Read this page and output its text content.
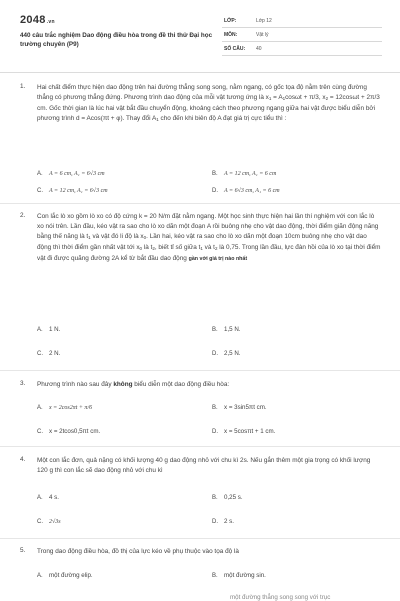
2048.vn
440 câu trắc nghiệm Dao động điều hòa trong đề thi thử Đại học trường chuyên (P9)
LỚP:	Lớp 12
MÔN:	Vật lý
SỐ CÂU: 40
1. Hai chất điểm thực hiện dao động trên hai đường thẳng song song, nằm ngang, có gốc tọa độ nằm trên cùng đường thẳng có phương thẳng đứng. Phương trình dao động của mỗi vật tương ứng là $x_1 = A_1\cos\omega t + \pi/3$, $x_2 = 12\cos\omega t + 2\pi/3$ cm. Gốc thời gian là lúc hai vật bắt đầu chuyển động, khoảng cách theo phương ngang giữa hai vật được biểu diễn bởi phương trình d = Acos(πt + φ). Thay đổi $A_1$ cho đến khi biên độ A đạt giá trị cực tiểu thì :
A. A = 6 cm, A₁ = 6√3 cm	B. A = 12 cm, A₁ = 6 cm
C. A = 12 cm, A₁ = 6√3 cm	D. A = 6√3 cm, A₁ = 6 cm
2. Con lắc lò xo gồm lò xo có độ cứng k = 20 N/m đặt nằm ngang. Một học sinh thực hiện hai lần thí nghiệm với con lắc lò xo nói trên. Lần đầu, kéo vật ra sao cho lò xo dãn một đoạn A rồi buông nhẹ cho vật dao động, thời điểm giãn động năng bằng thế năng là $t_1$ và vật đó li độ là $x_0$. Lần hai, kéo vật ra sao cho lò xo dãn một đoạn 10cm buông nhẹ cho vật dao động thì thời điểm gần nhất vật tới $x_0$ là $t_2$, biết tỉ số giữa $t_1$ và $t_2$ là 0,75. Trong lần đầu, lực đàn hồi của lò xo tại thời điểm vật đi được quãng đường 2A kể từ bắt đầu dao động gần với giá trị nào nhất
A. 1 N.	B. 1,5 N.
C. 2 N.	D. 2,5 N.
3. Phương trình nào sau đây không biểu diễn một dao động điều hòa:
A. x = 2cos2πt + π/6	B. x = 3sin5πt cm.
C. x = 2tcos0,5πt cm.	D. x = 5cosπt + 1 cm.
4. Một con lắc đơn, quả nặng có khối lượng 40 g dao động nhỏ với chu kì 2s. Nếu gắn thêm một gia trọng có khối lượng 120 g thì con lắc sẽ dao động nhỏ với chu kì
A. 4 s.	B. 0,25 s.
C. 2√3s	D. 2 s.
5. Trong dao động điều hòa, đồ thị của lực kéo về phụ thuộc vào tọa độ là
A. một đường elip.	B. một đường sin.
một đường thẳng song song với trục
